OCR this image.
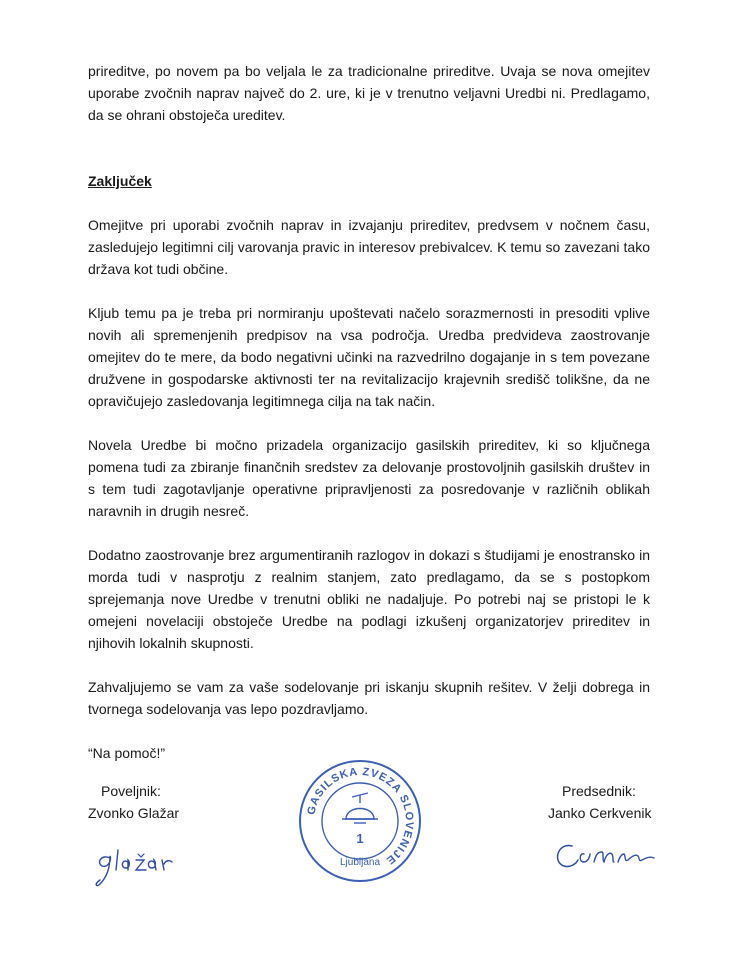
prireditve, po novem pa bo veljala le za tradicionalne prireditve. Uvaja se nova omejitev uporabe zvočnih naprav največ do 2. ure, ki je v trenutno veljavni Uredbi ni. Predlagamo, da se ohrani obstoječa ureditev.

Zaključek

Omejitve pri uporabi zvočnih naprav in izvajanju prireditev, predvsem v nočnem času, zasledujejo legitimni cilj varovanja pravic in interesov prebivalcev. K temu so zavezani tako država kot tudi občine.

Kljub temu pa je treba pri normiranju upoštevati načelo sorazmernosti in presoditi vplive novih ali spremenjenih predpisov na vsa področja. Uredba predvideva zaostrovanje omejitev do te mere, da bodo negativni učinki na razvedrilno dogajanje in s tem povezane družvene in gospodarske aktivnosti ter na revitalizacijo krajevnih središč tolikšne, da ne opravičujejo zasledovanja legitimnega cilja na tak način.

Novela Uredbe bi močno prizadela organizacijo gasilskih prireditev, ki so ključnega pomena tudi za zbiranje finančnih sredstev za delovanje prostovoljnih gasilskih društev in s tem tudi zagotavljanje operativne pripravljenosti za posredovanje v različnih oblikah naravnih in drugih nesreč.

Dodatno zaostrovanje brez argumentiranih razlogov in dokazi s študijami je enostransko in morda tudi v nasprotju z realnim stanjem, zato predlagamo, da se s postopkom sprejemanja nove Uredbe v trenutni obliki ne nadaljuje. Po potrebi naj se pristopi le k omejeni novelaciji obstoječe Uredbe na podlagi izkušenj organizatorjev prireditev in njihovih lokalnih skupnosti.

Zahvaljujemo se vam za vaše sodelovanje pri iskanju skupnih rešitev. V želji dobrega in tvornega sodelovanja vas lepo pozdravljamo.

“Na pomoč!”

Poveljnik:
Zvonko Glažar
Predsednik:
Janko Cerkvenik
GASILSKA ZVEZA SLOVENIJE
1
Ljubljana
